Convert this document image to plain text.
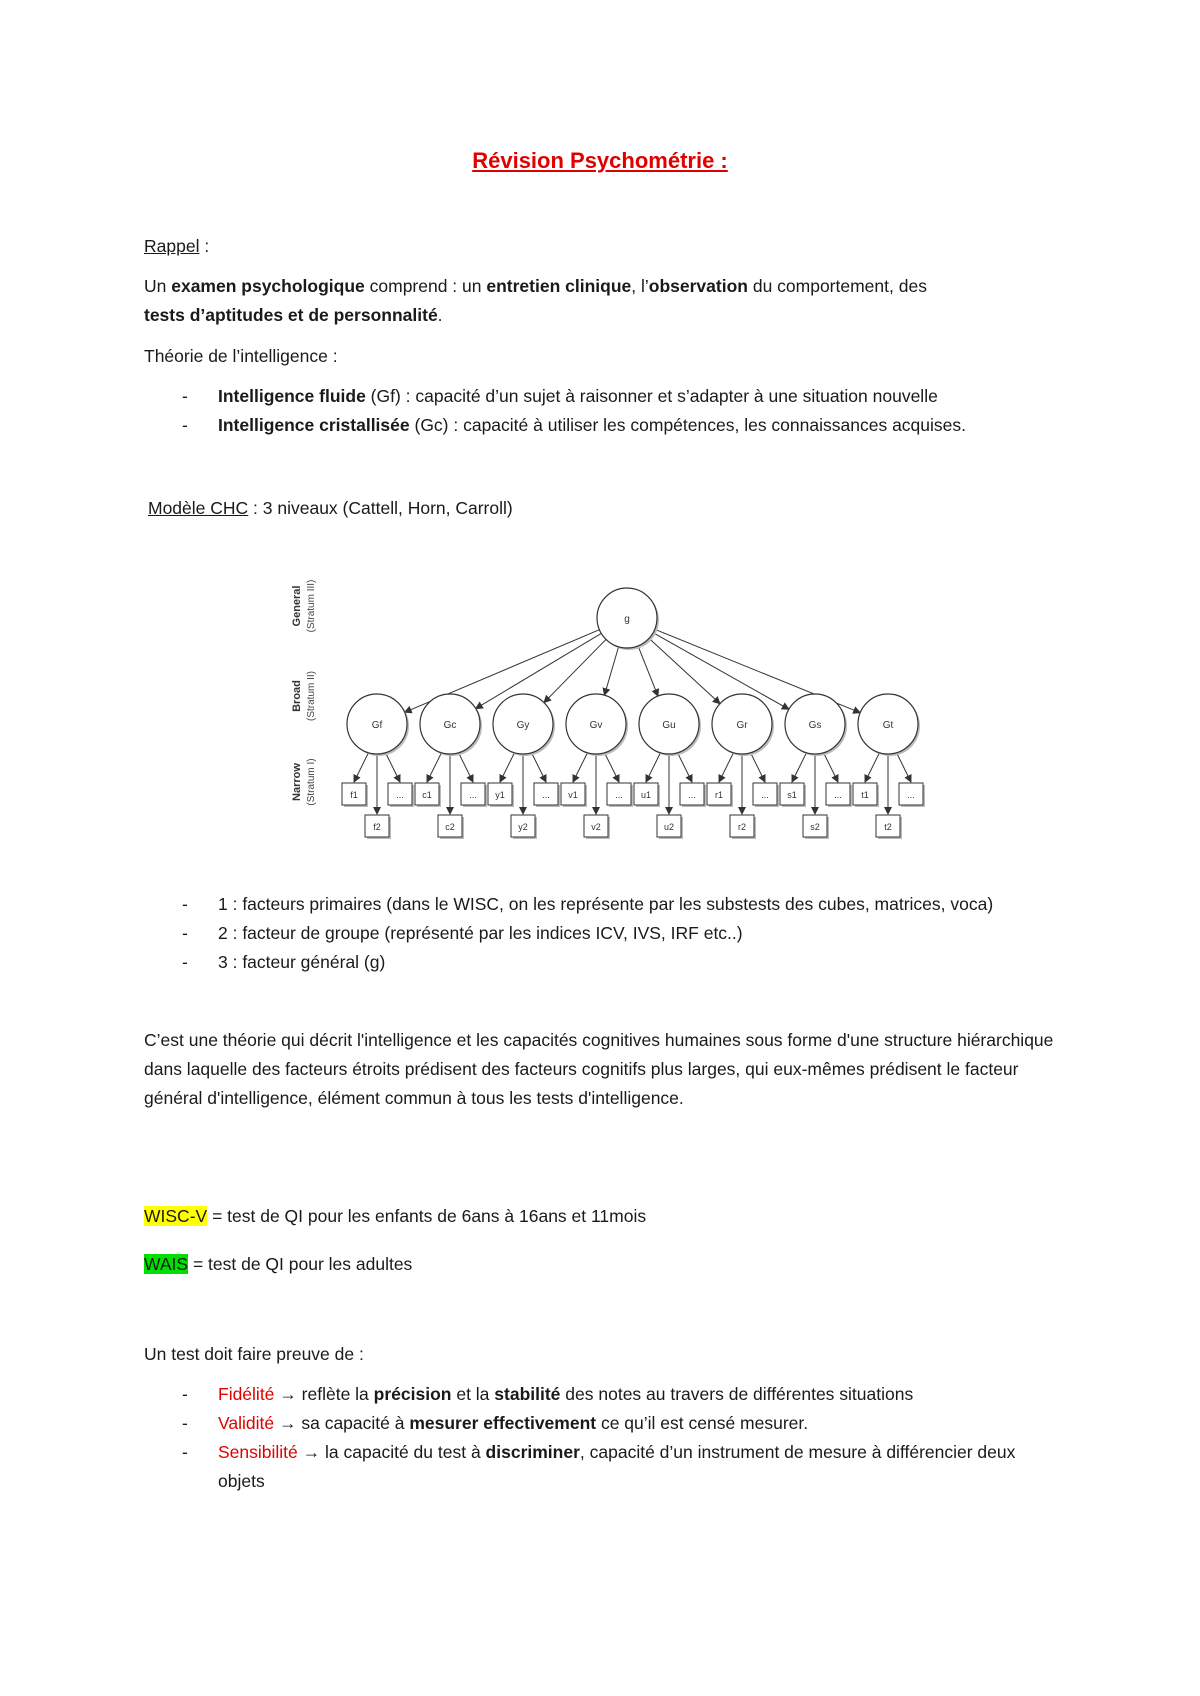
Révision Psychométrie :
Rappel :
Un examen psychologique comprend : un entretien clinique, l’observation du comportement, des
tests d’aptitudes et de personnalité.
Théorie de l’intelligence :
- Intelligence fluide (Gf) : capacité d’un sujet à raisonner et s’adapter à une situation nouvelle
- Intelligence cristallisée (Gc) : capacité à utiliser les compétences, les connaissances acquises.
Modèle CHC : 3 niveaux (Cattell, Horn, Carroll)
General (Stratum III)
Broad (Stratum II)
Narrow (Stratum I)
Gf
f1	...
f2
Gc
c1	...
c2
Gy
y1	...
y2
Gv
v1	...
v2
Gu
u1	...
u2
Gr
r1	...
r2
Gs
s1	...
s2
Gt
t1	...
t2
g
- 1 : facteurs primaires (dans le WISC, on les représente par les substests des cubes, matrices, voca)
- 2 : facteur de groupe (représenté par les indices ICV, IVS, IRF etc..)
- 3 : facteur général (g)
C’est une théorie qui décrit l'intelligence et les capacités cognitives humaines sous forme d'une structure hiérarchique dans laquelle des facteurs étroits prédisent des facteurs cognitifs plus larges, qui eux-mêmes prédisent le facteur général d'intelligence, élément commun à tous les tests d'intelligence.
WISC-V = test de QI pour les enfants de 6ans à 16ans et 11mois
WAIS = test de QI pour les adultes
Un test doit faire preuve de :
- Fidélité → reflète la précision et la stabilité des notes au travers de différentes situations
- Validité → sa capacité à mesurer effectivement ce qu’il est censé mesurer.
- Sensibilité → la capacité du test à discriminer, capacité d’un instrument de mesure à différencier deux objets
